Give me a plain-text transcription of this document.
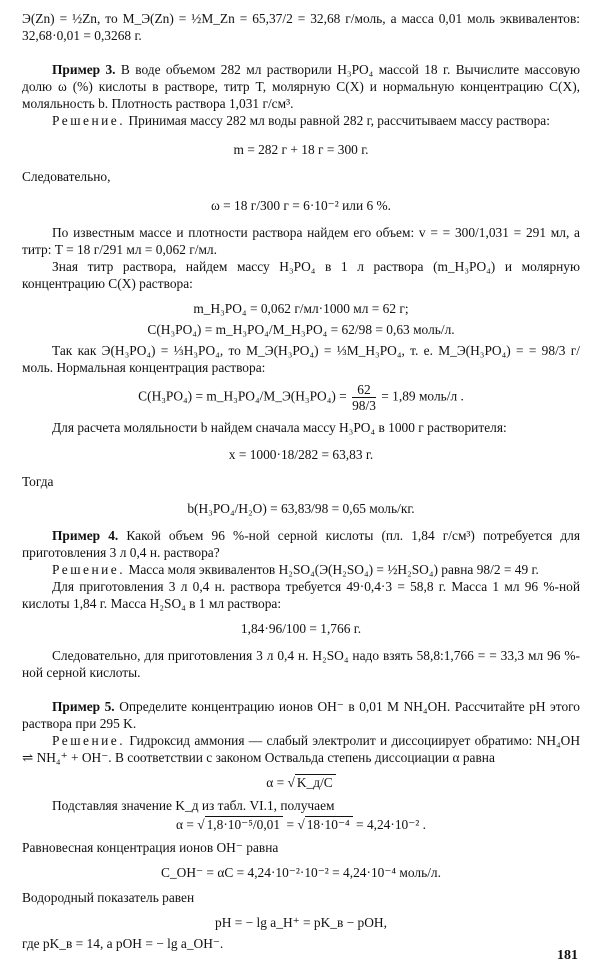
Э(Zn) = ½Zn, то M_Э(Zn) = ½M_Zn = 65,37/2 = 32,68 г/моль, а масса 0,01 моль эквивалентов: 32,68·0,01 = 0,3268 г.

Пример 3. В воде объемом 282 мл растворили H₃PO₄ массой 18 г. Вычислите массовую долю ω (%) кислоты в растворе, титр T, молярную C(X) и нормальную концентрацию C(X), моляльность b. Плотность раствора 1,031 г/см³.

Решение. Принимая массу 282 мл воды равной 282 г, рассчитываем массу раствора:

m = 282 г + 18 г = 300 г.

Следовательно,

ω = 18 г/300 г = 6·10⁻² или 6 %.

По известным массе и плотности раствора найдем его объем: v = = 300/1,031 = 291 мл, а титр: T = 18 г/291 мл = 0,062 г/мл.

Зная титр раствора, найдем массу H₃PO₄ в 1 л раствора (m_H₃PO₄) и молярную концентрацию C(X) раствора:

m_H₃PO₄ = 0,062 г/мл·1000 мл = 62 г;

C(H₃PO₄) = m_H₃PO₄/M_H₃PO₄ = 62/98 = 0,63 моль/л.

Так как Э(H₃PO₄) = ⅓H₃PO₄, то M_Э(H₃PO₄) = ⅓M_H₃PO₄, т. е. M_Э(H₃PO₄) = = 98/3 г/моль. Нормальная концентрация раствора:

C(H₃PO₄) = m_H₃PO₄/M_Э(H₃PO₄) = $\frac{62}{98/3} = 1,89$ моль/л .

Для расчета моляльности b найдем сначала массу H₃PO₄ в 1000 г растворителя:

x = 1000·18/282 = 63,83 г.

Тогда

b(H₃PO₄/H₂O) = 63,83/98 = 0,65 моль/кг.

Пример 4. Какой объем 96 %-ной серной кислоты (пл. 1,84 г/см³) потребуется для приготовления 3 л 0,4 н. раствора?

Решение. Масса моля эквивалентов H₂SO₄(Э(H₂SO₄) = ½H₂SO₄) равна 98/2 = 49 г.

Для приготовления 3 л 0,4 н. раствора требуется 49·0,4·3 = 58,8 г. Масса 1 мл 96 %-ной кислоты 1,84 г. Масса H₂SO₄ в 1 мл раствора:

1,84·96/100 = 1,766 г.

Следовательно, для приготовления 3 л 0,4 н. H₂SO₄ надо взять 58,8:1,766 = = 33,3 мл 96 %-ной серной кислоты.

Пример 5. Определите концентрацию ионов OH⁻ в 0,01 M NH₄OH. Рассчитайте pH этого раствора при 295 K.

Решение. Гидроксид аммония — слабый электролит и диссоциирует обратимо: NH₄OH ⇌ NH₄⁺ + OH⁻. В соответствии с законом Оствальда степень диссоциации α равна

α = √ K_д/C

Подставляя значение K_д из табл. VI.1, получаем

α = √ 1,8·10⁻⁵/0,01 = √ 18·10⁻⁴ = 4,24·10⁻² .

Равновесная концентрация ионов OH⁻ равна

C_OH⁻ = αC = 4,24·10⁻²·10⁻² = 4,24·10⁻⁴ моль/л.

Водородный показатель равен

pH = − lg a_H⁺ = pK_в − pOH,

где pK_в = 14, а pOH = − lg a_OH⁻.

181
